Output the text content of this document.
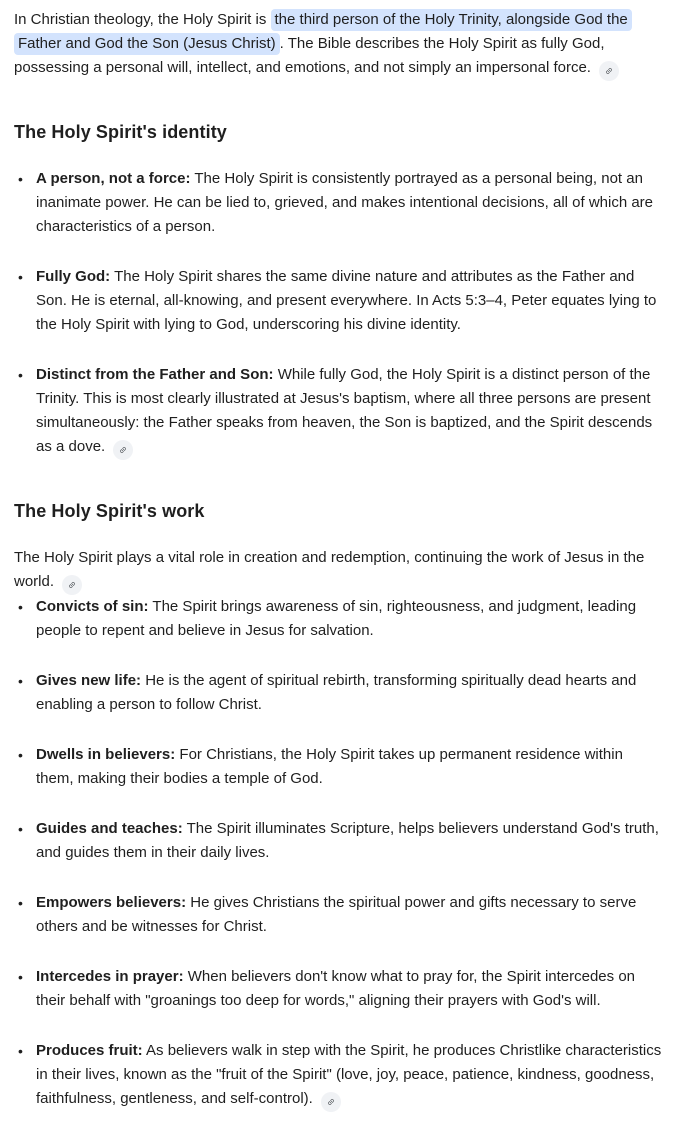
In Christian theology, the Holy Spirit is the third person of the Holy Trinity, alongside God the Father and God the Son (Jesus Christ) . The Bible describes the Holy Spirit as fully God, possessing a personal will, intellect, and emotions, and not simply an impersonal force.

The Holy Spirit's identity
• A person, not a force: The Holy Spirit is consistently portrayed as a personal being, not an inanimate power. He can be lied to, grieved, and makes intentional decisions, all of which are characteristics of a person.
• Fully God: The Holy Spirit shares the same divine nature and attributes as the Father and Son. He is eternal, all-knowing, and present everywhere. In Acts 5:3–4, Peter equates lying to the Holy Spirit with lying to God, underscoring his divine identity.
• Distinct from the Father and Son: While fully God, the Holy Spirit is a distinct person of the Trinity. This is most clearly illustrated at Jesus's baptism, where all three persons are present simultaneously: the Father speaks from heaven, the Son is baptized, and the Spirit descends as a dove.
The Holy Spirit's work

The Holy Spirit plays a vital role in creation and redemption, continuing the work of Jesus in the world.

• Convicts of sin: The Spirit brings awareness of sin, righteousness, and judgment, leading people to repent and believe in Jesus for salvation.
• Gives new life: He is the agent of spiritual rebirth, transforming spiritually dead hearts and enabling a person to follow Christ.
• Dwells in believers: For Christians, the Holy Spirit takes up permanent residence within them, making their bodies a temple of God.
• Guides and teaches: The Spirit illuminates Scripture, helps believers understand God's truth, and guides them in their daily lives.
• Empowers believers: He gives Christians the spiritual power and gifts necessary to serve others and be witnesses for Christ.
• Intercedes in prayer: When believers don't know what to pray for, the Spirit intercedes on their behalf with "groanings too deep for words," aligning their prayers with God's will.
• Produces fruit: As believers walk in step with the Spirit, he produces Christlike characteristics in their lives, known as the "fruit of the Spirit" (love, joy, peace, patience, kindness, goodness, faithfulness, gentleness, and self-control).
